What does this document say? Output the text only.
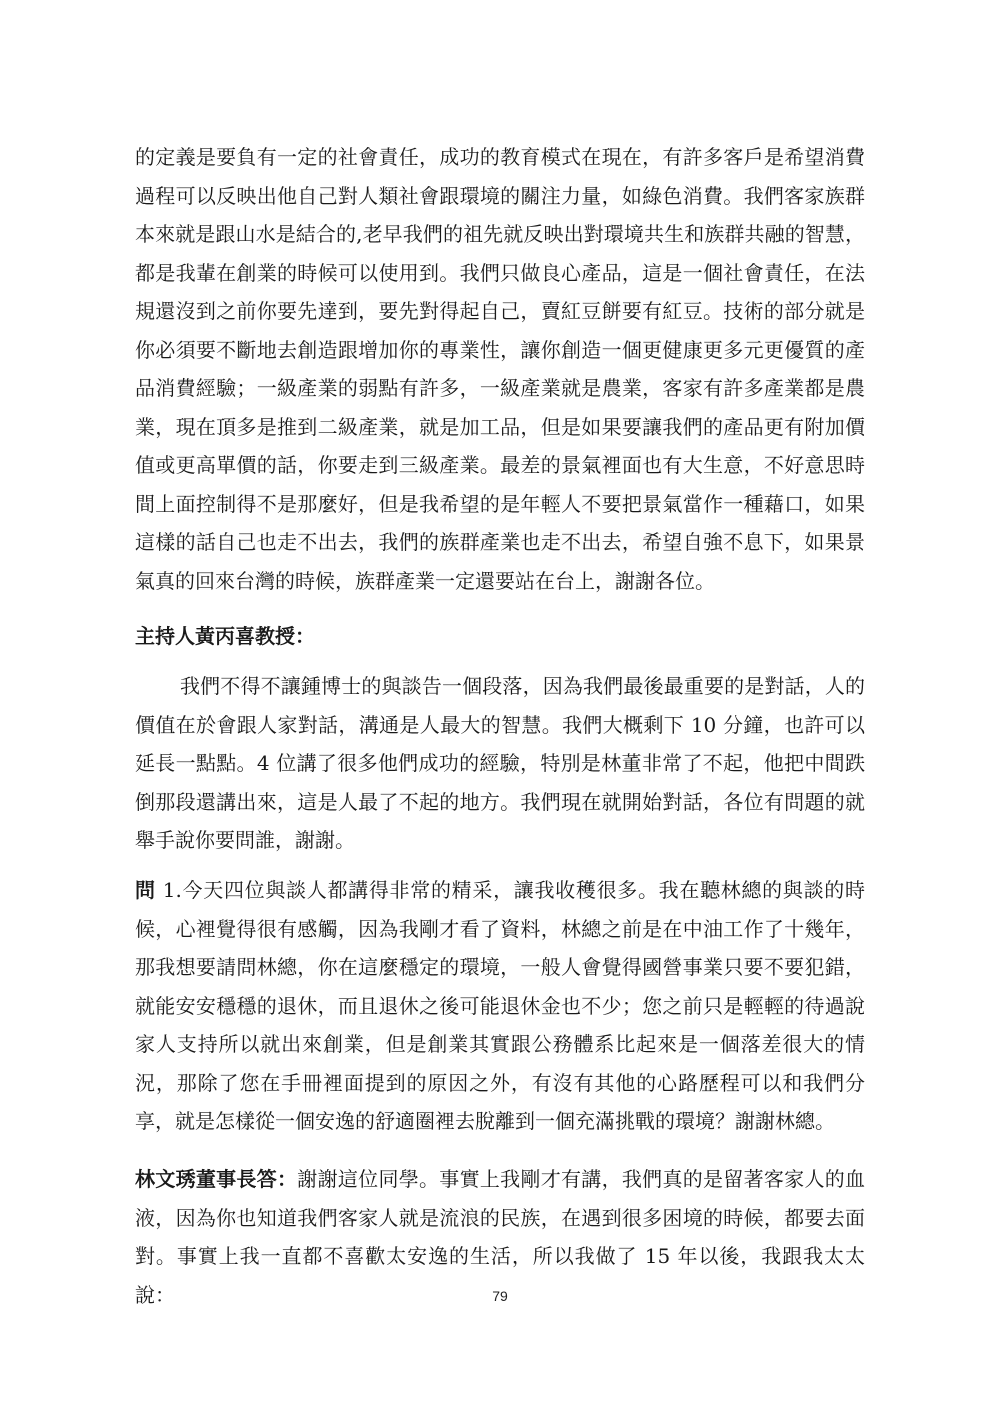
的定義是要負有一定的社會責任，成功的教育模式在現在，有許多客戶是希望消費過程可以反映出他自己對人類社會跟環境的關注力量，如綠色消費。我們客家族群本來就是跟山水是結合的,老早我們的祖先就反映出對環境共生和族群共融的智慧，都是我輩在創業的時候可以使用到。我們只做良心產品，這是一個社會責任，在法規還沒到之前你要先達到，要先對得起自己，賣紅豆餅要有紅豆。技術的部分就是你必須要不斷地去創造跟增加你的專業性，讓你創造一個更健康更多元更優質的產品消費經驗；一級產業的弱點有許多，一級產業就是農業，客家有許多產業都是農業，現在頂多是推到二級產業，就是加工品，但是如果要讓我們的產品更有附加價值或更高單價的話，你要走到三級產業。最差的景氣裡面也有大生意，不好意思時間上面控制得不是那麼好，但是我希望的是年輕人不要把景氣當作一種藉口，如果這樣的話自己也走不出去，我們的族群產業也走不出去，希望自強不息下，如果景氣真的回來台灣的時候，族群產業一定還要站在台上，謝謝各位。

主持人黃丙喜教授：

我們不得不讓鍾博士的與談告一個段落，因為我們最後最重要的是對話，人的價值在於會跟人家對話，溝通是人最大的智慧。我們大概剩下 10 分鐘，也許可以延長一點點。4 位講了很多他們成功的經驗，特別是林董非常了不起，他把中間跌倒那段還講出來，這是人最了不起的地方。我們現在就開始對話，各位有問題的就舉手說你要問誰，謝謝。

問 1.今天四位與談人都講得非常的精采，讓我收穫很多。我在聽林總的與談的時候，心裡覺得很有感觸，因為我剛才看了資料，林總之前是在中油工作了十幾年，那我想要請問林總，你在這麼穩定的環境，一般人會覺得國營事業只要不要犯錯，就能安安穩穩的退休，而且退休之後可能退休金也不少；您之前只是輕輕的待過說家人支持所以就出來創業，但是創業其實跟公務體系比起來是一個落差很大的情況，那除了您在手冊裡面提到的原因之外，有沒有其他的心路歷程可以和我們分享，就是怎樣從一個安逸的舒適圈裡去脫離到一個充滿挑戰的環境？謝謝林總。

林文琇董事長答：謝謝這位同學。事實上我剛才有講，我們真的是留著客家人的血液，因為你也知道我們客家人就是流浪的民族，在遇到很多困境的時候，都要去面對。事實上我一直都不喜歡太安逸的生活，所以我做了 15 年以後，我跟我太太說：	79
